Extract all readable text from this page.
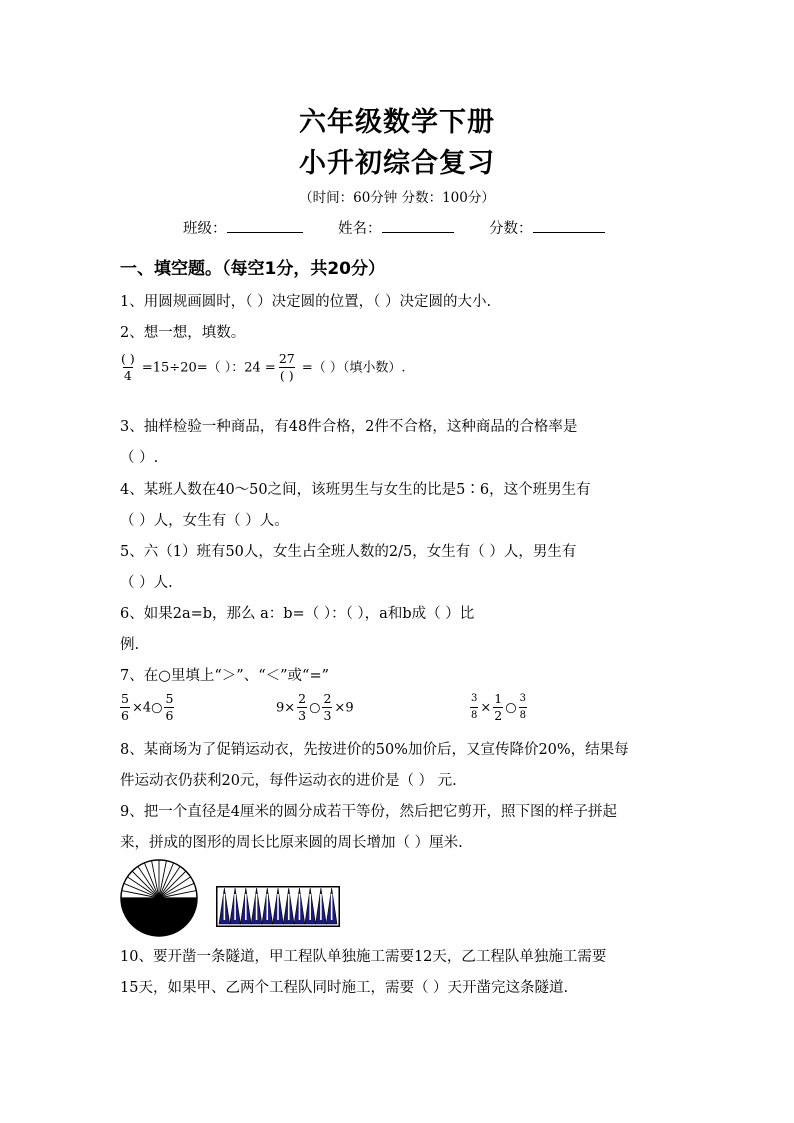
六年级数学下册
小升初综合复习
（时间：60分钟 分数：100分）
班级：	姓名：	分数：
一、填空题。（每空1分，共20分）
1、用圆规画圆时，（ ）决定圆的位置，（ ）决定圆的大小.
2、想一想，填数。
$\frac{( )}{4} =15\div 20=$（ ）：$24 = \frac{27}{( )}$ =（ ）（填小数）.
3、抽样检验一种商品，有48件合格，2件不合格，这种商品的合格率是
（ ）.
4、某班人数在40～50之间，该班男生与女生的比是5∶6，这个班男生有
（ ）人，女生有（ ）人。
5、六（1）班有50人，女生占全班人数的2/5，女生有（ ）人，男生有
（ ）人.
6、如果2a=b，那么 a：b=（ ）：（ ），a和b成（ ）比
例.
7、在○里填上“＞”、“＜”或“=”
$\frac{5}{6}$ ×4○ $\frac{5}{6}$	$9\times \frac{2}{3}$ ○ $\frac{2}{3} \times 9$	$\frac{3}{8} \times \frac{1}{2}$ ○ $\frac{3}{8}$
8、某商场为了促销运动衣，先按进价的50%加价后，又宣传降价20%，结果每
件运动衣仍获利20元，每件运动衣的进价是（ ） 元.
9、把一个直径是4厘米的圆分成若干等份，然后把它剪开，照下图的样子拼起
来，拼成的图形的周长比原来圆的周长增加（ ）厘米.
10、要开凿一条隧道，甲工程队单独施工需要12天，乙工程队单独施工需要
15天，如果甲、乙两个工程队同时施工，需要（ ）天开凿完这条隧道.
